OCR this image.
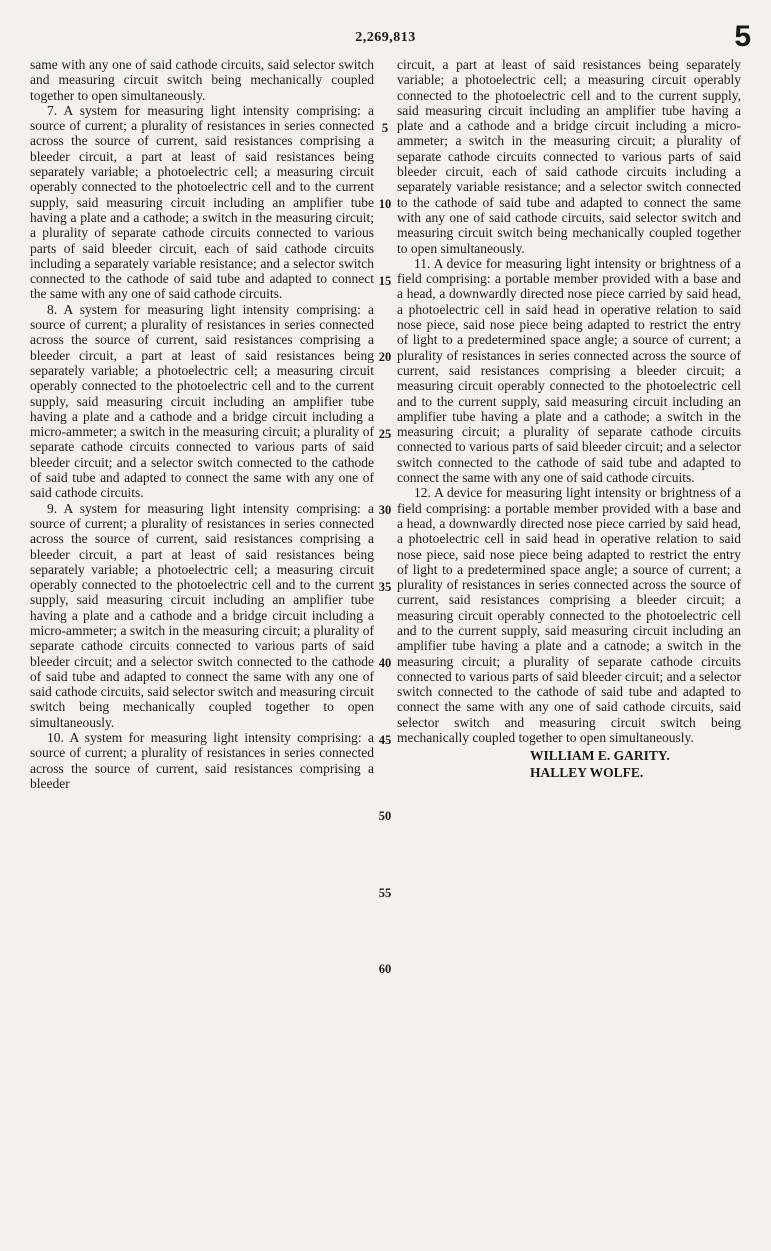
2,269,813	5

same with any one of said cathode circuits, said selector switch and measuring circuit switch being mechanically coupled together to open simultaneously.

7. A system for measuring light intensity comprising: a source of current; a plurality of resistances in series connected across the source of current, said resistances comprising a bleeder circuit, a part at least of said resistances being separately variable; a photoelectric cell; a measuring circuit operably connected to the photoelectric cell and to the current supply, said measuring circuit including an amplifier tube having a plate and a cathode; a switch in the measuring circuit; a plurality of separate cathode circuits connected to various parts of said bleeder circuit, each of said cathode circuits including a separately variable resistance; and a selector switch connected to the cathode of said tube and adapted to connect the same with any one of said cathode circuits.

8. A system for measuring light intensity comprising: a source of current; a plurality of resistances in series connected across the source of current, said resistances comprising a bleeder circuit, a part at least of said resistances being separately variable; a photoelectric cell; a measuring circuit operably connected to the photoelectric cell and to the current supply, said measuring circuit including an amplifier tube having a plate and a cathode and a bridge circuit including a micro-ammeter; a switch in the measuring circuit; a plurality of separate cathode circuits connected to various parts of said bleeder circuit; and a selector switch connected to the cathode of said tube and adapted to connect the same with any one of said cathode circuits.

9. A system for measuring light intensity comprising: a source of current; a plurality of resistances in series connected across the source of current, said resistances comprising a bleeder circuit, a part at least of said resistances being separately variable; a photoelectric cell; a measuring circuit operably connected to the photoelectric cell and to the current supply, said measuring circuit including an amplifier tube having a plate and a cathode and a bridge circuit including a micro-ammeter; a switch in the measuring circuit; a plurality of separate cathode circuits connected to various parts of said bleeder circuit; and a selector switch connected to the cathode of said tube and adapted to connect the same with any one of said cathode circuits, said selector switch and measuring circuit switch being mechanically coupled together to open simultaneously.

10. A system for measuring light intensity comprising: a source of current; a plurality of resistances in series connected across the source of current, said resistances comprising a bleeder

5
10
15
20
25
30
35
40
45
50
55
60

circuit, a part at least of said resistances being separately variable; a photoelectric cell; a measuring circuit operably connected to the photoelectric cell and to the current supply, said measuring circuit including an amplifier tube having a plate and a cathode and a bridge circuit including a micro-ammeter; a switch in the measuring circuit; a plurality of separate cathode circuits connected to various parts of said bleeder circuit, each of said cathode circuits including a separately variable resistance; and a selector switch connected to the cathode of said tube and adapted to connect the same with any one of said cathode circuits, said selector switch and measuring circuit switch being mechanically coupled together to open simultaneously.

11. A device for measuring light intensity or brightness of a field comprising: a portable member provided with a base and a head, a downwardly directed nose piece carried by said head, a photoelectric cell in said head in operative relation to said nose piece, said nose piece being adapted to restrict the entry of light to a predetermined space angle; a source of current; a plurality of resistances in series connected across the source of current, said resistances comprising a bleeder circuit; a measuring circuit operably connected to the photoelectric cell and to the current supply, said measuring circuit including an amplifier tube having a plate and a cathode; a switch in the measuring circuit; a plurality of separate cathode circuits connected to various parts of said bleeder circuit; and a selector switch connected to the cathode of said tube and adapted to connect the same with any one of said cathode circuits.

12. A device for measuring light intensity or brightness of a field comprising: a portable member provided with a base and a head, a downwardly directed nose piece carried by said head, a photoelectric cell in said head in operative relation to said nose piece, said nose piece being adapted to restrict the entry of light to a predetermined space angle; a source of current; a plurality of resistances in series connected across the source of current, said resistances comprising a bleeder circuit; a measuring circuit operably connected to the photoelectric cell and to the current supply, said measuring circuit including an amplifier tube having a plate and a catnode; a switch in the measuring circuit; a plurality of separate cathode circuits connected to various parts of said bleeder circuit; and a selector switch connected to the cathode of said tube and adapted to connect the same with any one of said cathode circuits, said selector switch and measuring circuit switch being mechanically coupled together to open simultaneously.

WILLIAM E. GARITY.
HALLEY WOLFE.
